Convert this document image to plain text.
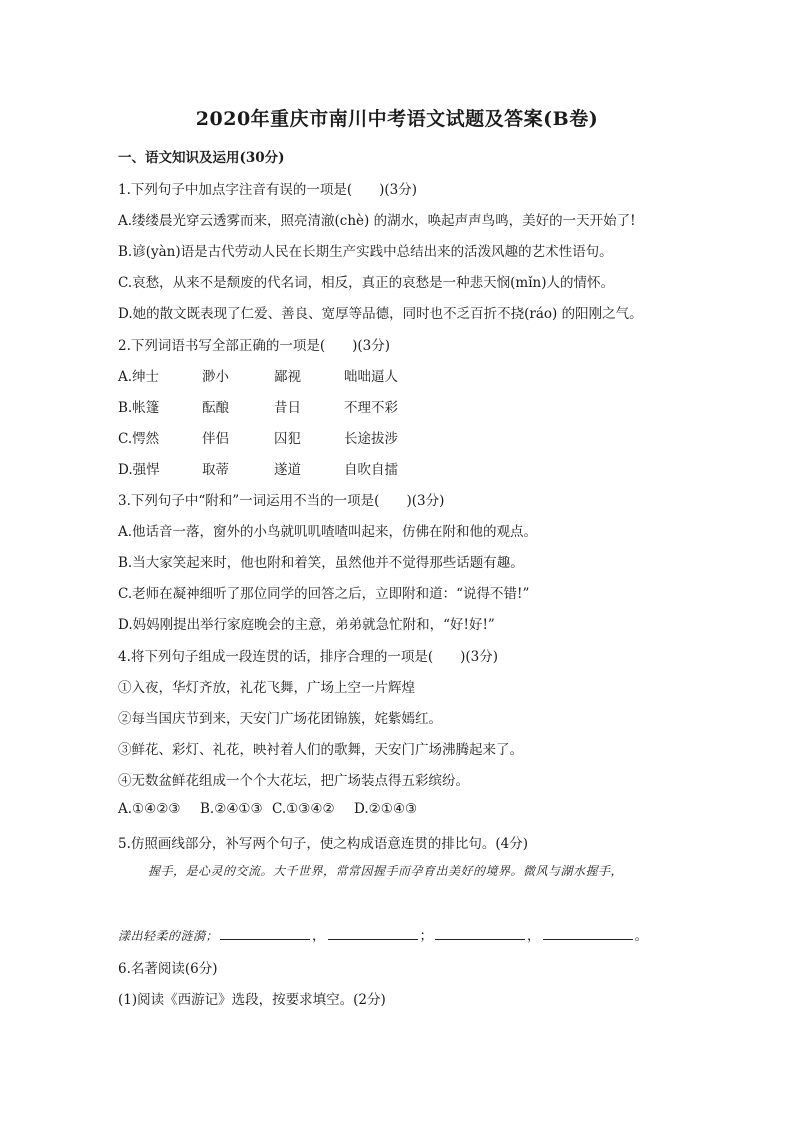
2020年重庆市南川中考语文试题及答案(B卷)
一、语文知识及运用(30分)
1.下列句子中加点字注音有误的一项是(　　)(3分)
A.缕缕晨光穿云透雾而来，照亮清澈(chè) 的湖水，唤起声声鸟鸣，美好的一天开始了!
B.谚(yàn)语是古代劳动人民在长期生产实践中总结出来的活泼风趣的艺术性语句。
C.哀愁，从来不是颓废的代名词，相反，真正的哀愁是一种悲天悯(mǐn)人的情怀。
D.她的散文既表现了仁爱、善良、宽厚等品德，同时也不乏百折不挠(ráo) 的阳刚之气。
2.下列词语书写全部正确的一项是(　　)(3分)
A.绅士	渺小	鄙视	咄咄逼人
B.帐篷	酝酿	昔日	不理不彩
C.愕然	伴侣	囚犯	长途拔涉
D.强悍	取蒂	遂道	自吹自擂
3.下列句子中“附和”一词运用不当的一项是(　　)(3分)
A.他话音一落，窗外的小鸟就叽叽喳喳叫起来，仿佛在附和他的观点。
B.当大家笑起来时，他也附和着笑，虽然他并不觉得那些话题有趣。
C.老师在凝神细听了那位同学的回答之后，立即附和道：“说得不错!”
D.妈妈刚提出举行家庭晚会的主意，弟弟就急忙附和，“好!好!”
4.将下列句子组成一段连贯的话，排序合理的一项是(　　)(3分)
①入夜，华灯齐放，礼花飞舞，广场上空一片辉煌
②每当国庆节到来，天安门广场花团锦簇，姹紫嫣红。
③鲜花、彩灯、礼花，映衬着人们的歌舞，天安门广场沸腾起来了。
④无数盆鲜花组成一个个大花坛，把广场装点得五彩缤纷。
A.①④②③ B.②④①③ C.①③④② D.②①④③
5.仿照画线部分，补写两个句子，使之构成语意连贯的排比句。(4分)
握手，是心灵的交流。大千世界，常常因握手而孕育出美好的境界。微风与湖水握手，
漾出轻柔的涟漪；	，	；	，	。
6.名著阅读(6分)
(1)阅读《西游记》选段，按要求填空。(2分)
